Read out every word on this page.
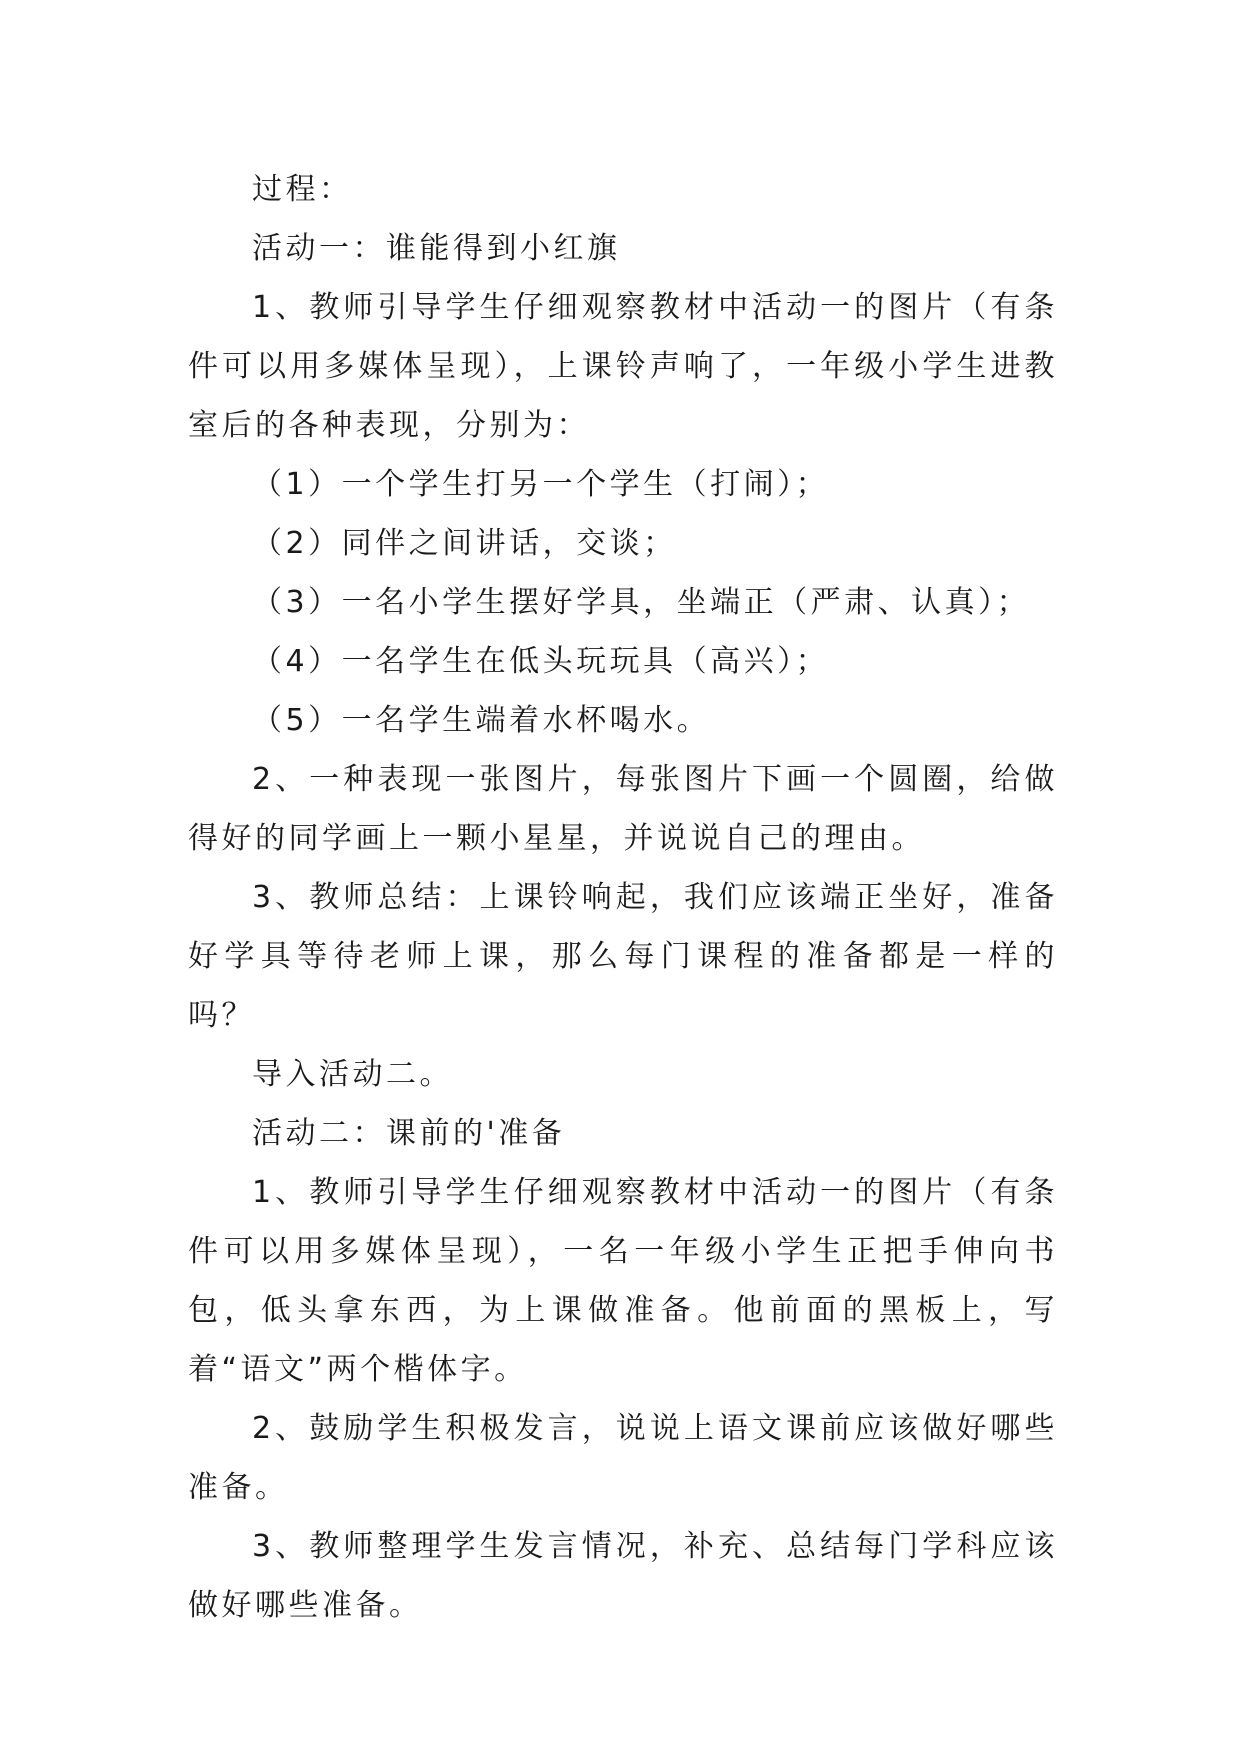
过程：

活动一：谁能得到小红旗

1、教师引导学生仔细观察教材中活动一的图片（有条件可以用多媒体呈现），上课铃声响了，一年级小学生进教室后的各种表现，分别为：

（1）一个学生打另一个学生（打闹）；

（2）同伴之间讲话，交谈；

（3）一名小学生摆好学具，坐端正（严肃、认真）；

（4）一名学生在低头玩玩具（高兴）；

（5）一名学生端着水杯喝水。

2、一种表现一张图片，每张图片下画一个圆圈，给做得好的同学画上一颗小星星，并说说自己的理由。

3、教师总结：上课铃响起，我们应该端正坐好，准备好学具等待老师上课，那么每门课程的准备都是一样的吗？

导入活动二。

活动二：课前的'准备

1、教师引导学生仔细观察教材中活动一的图片（有条件可以用多媒体呈现），一名一年级小学生正把手伸向书包，低头拿东西，为上课做准备。他前面的黑板上，写着“语文”两个楷体字。

2、鼓励学生积极发言，说说上语文课前应该做好哪些准备。

3、教师整理学生发言情况，补充、总结每门学科应该做好哪些准备。
